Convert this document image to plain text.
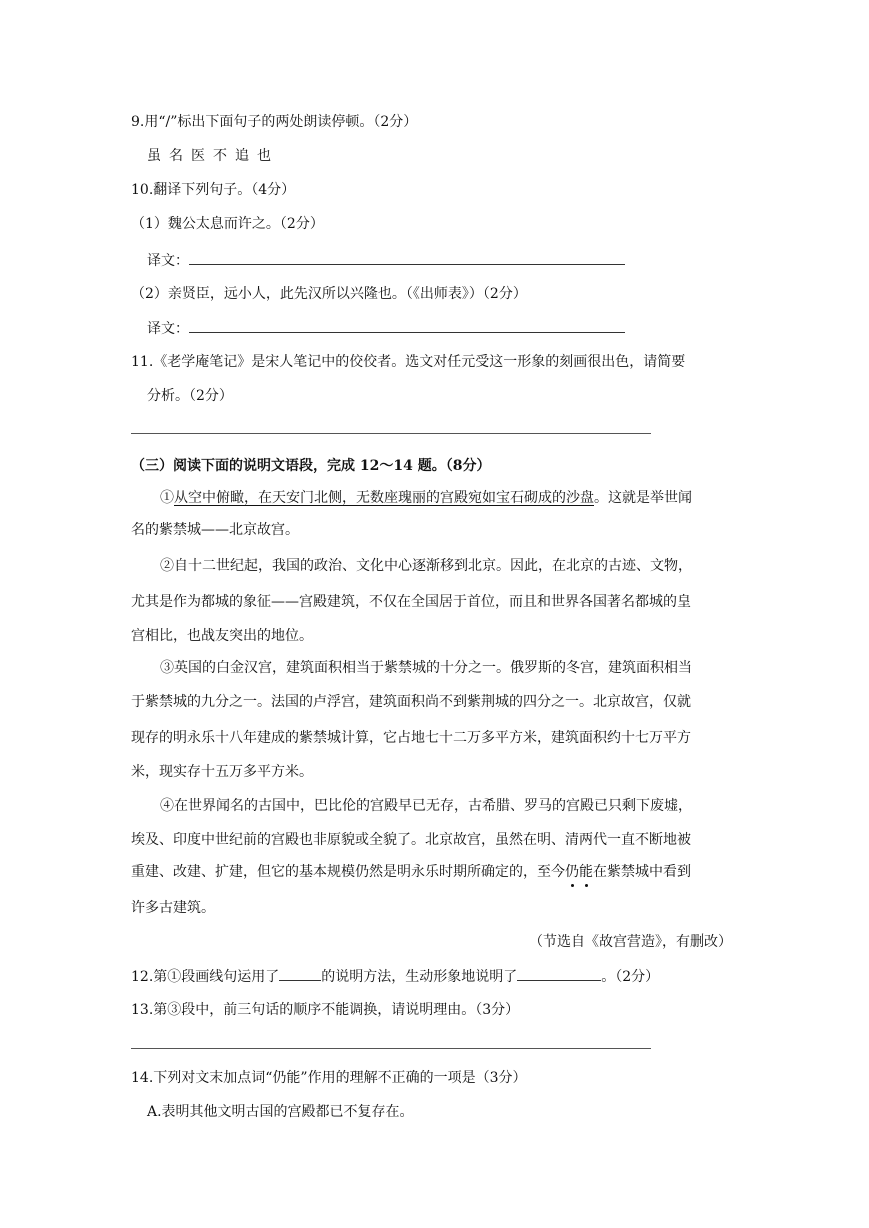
9.用“/”标出下面句子的两处朗读停顿。（2分）
虽名医不追也
10.翻译下列句子。（4分）
（1）魏公太息而许之。（2分）
译文：
（2）亲贤臣，远小人，此先汉所以兴隆也。（《出师表》）（2分）
译文：
11.《老学庵笔记》是宋人笔记中的佼佼者。选文对任元受这一形象的刻画很出色，请简要
分析。（2分）
（三）阅读下面的说明文语段，完成 12～14 题。（8分）
①从空中俯瞰，在天安门北侧，无数座瑰丽的宫殿宛如宝石砌成的沙盘。这就是举世闻
名的紫禁城——北京故宫。
②自十二世纪起，我国的政治、文化中心逐渐移到北京。因此，在北京的古迹、文物，
尤其是作为都城的象征——宫殿建筑，不仅在全国居于首位，而且和世界各国著名都城的皇
宫相比，也战友突出的地位。
③英国的白金汉宫，建筑面积相当于紫禁城的十分之一。俄罗斯的冬宫，建筑面积相当
于紫禁城的九分之一。法国的卢浮宫，建筑面积尚不到紫荆城的四分之一。北京故宫，仅就
现存的明永乐十八年建成的紫禁城计算，它占地七十二万多平方米，建筑面积约十七万平方
米，现实存十五万多平方米。
④在世界闻名的古国中，巴比伦的宫殿早已无存，古希腊、罗马的宫殿已只剩下废墟，
埃及、印度中世纪前的宫殿也非原貌或全貌了。北京故宫，虽然在明、清两代一直不断地被
重建、改建、扩建，但它的基本规模仍然是明永乐时期所确定的，至今仍能在紫禁城中看到
许多古建筑。
（节选自《故宫营造》，有删改）
12.第①段画线句运用了	的说明方法，生动形象地说明了	。（2分）
13.第③段中，前三句话的顺序不能调换，请说明理由。（3分）
14.下列对文末加点词“仍能”作用的理解不正确的一项是（3分）
A.表明其他文明古国的宫殿都已不复存在。
